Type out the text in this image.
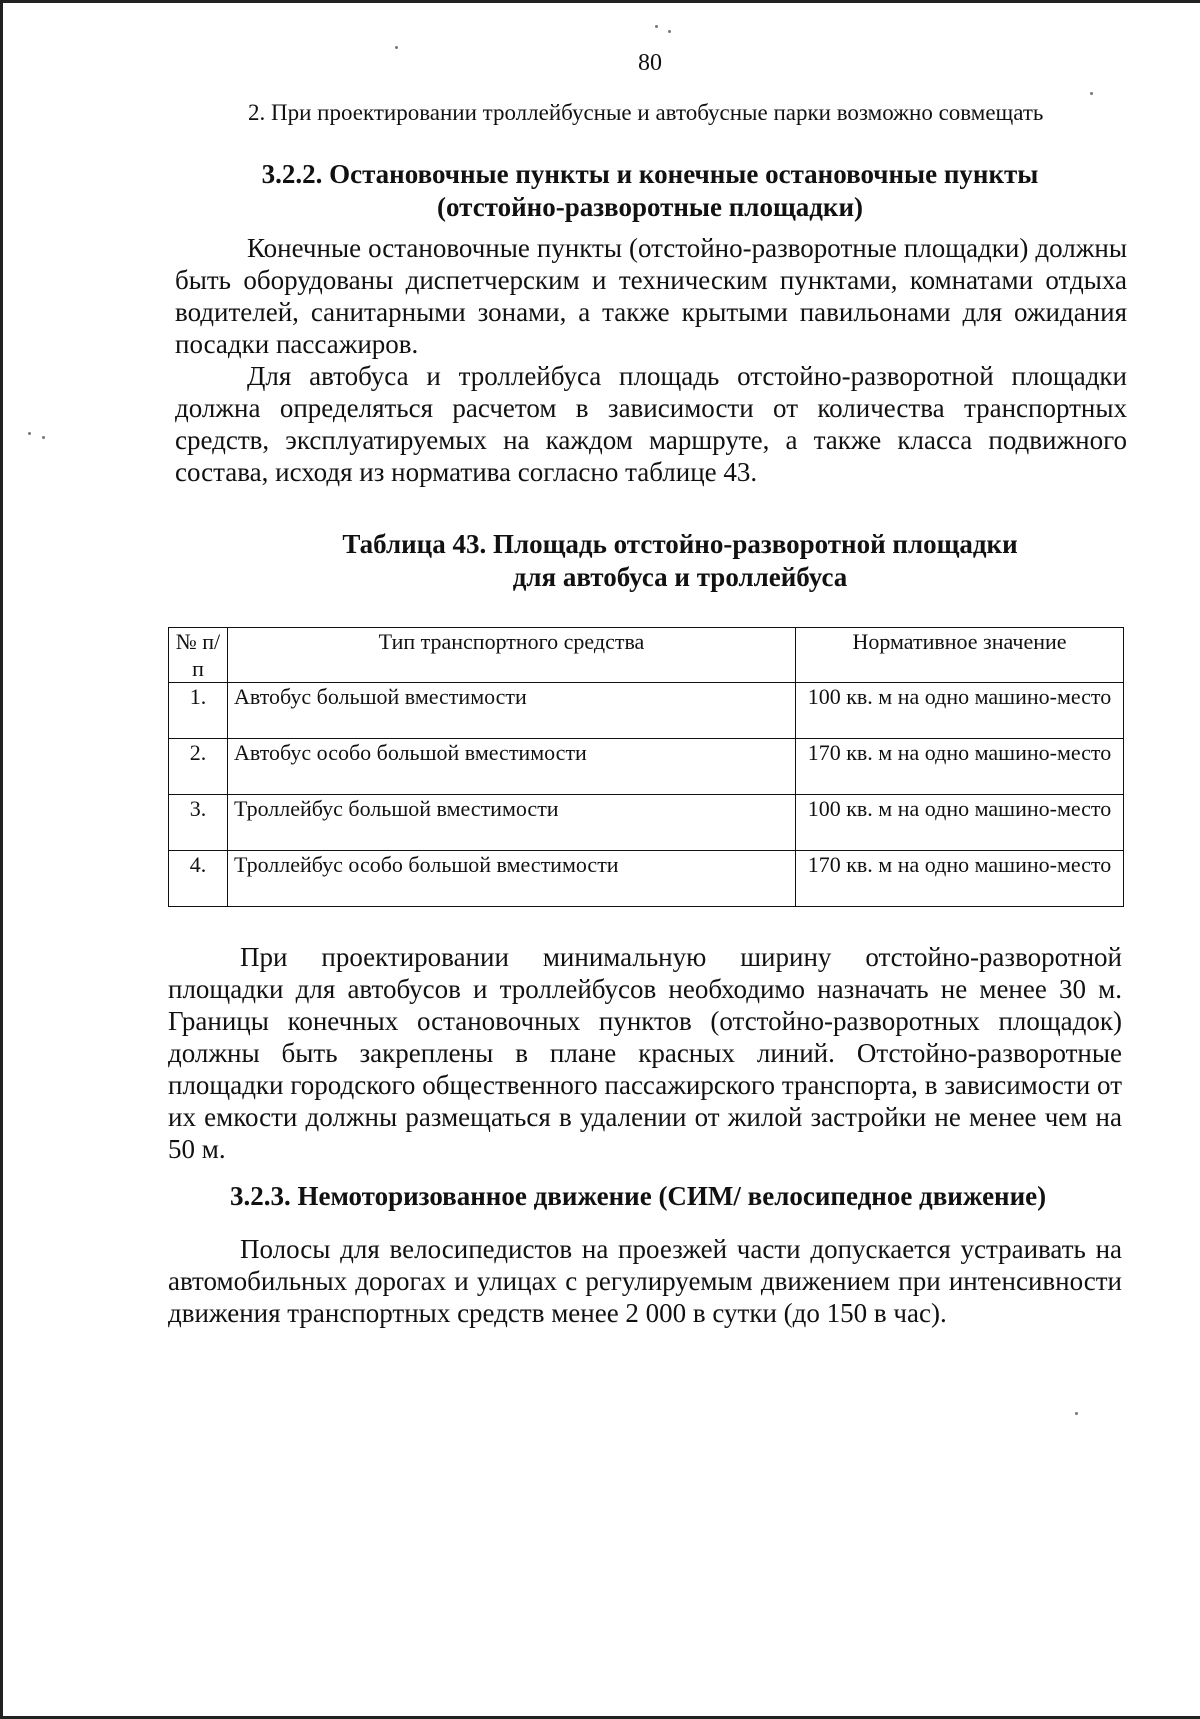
80
2. При проектировании троллейбусные и автобусные парки возможно совмещать
3.2.2. Остановочные пункты и конечные остановочные пункты
(отстойно-разворотные площадки)

Конечные остановочные пункты (отстойно-разворотные площадки) должны быть оборудованы диспетчерским и техническим пунктами, комнатами отдыха водителей, санитарными зонами, а также крытыми павильонами для ожидания посадки пассажиров.

Для автобуса и троллейбуса площадь отстойно-разворотной площадки должна определяться расчетом в зависимости от количества транспортных средств, эксплуатируемых на каждом маршруте, а также класса подвижного состава, исходя из норматива согласно таблице 43.

Таблица 43. Площадь отстойно-разворотной площадки
для автобуса и троллейбуса
№ п/п	Тип транспортного средства	Нормативное значение
1.	Автобус большой вместимости	100 кв. м на одно машино-место
2.	Автобус особо большой вместимости	170 кв. м на одно машино-место
3.	Троллейбус большой вместимости	100 кв. м на одно машино-место
4.	Троллейбус особо большой вместимости	170 кв. м на одно машино-место

При проектировании минимальную ширину отстойно-разворотной площадки для автобусов и троллейбусов необходимо назначать не менее 30 м. Границы конечных остановочных пунктов (отстойно-разворотных площадок) должны быть закреплены в плане красных линий. Отстойно-разворотные площадки городского общественного пассажирского транспорта, в зависимости от их емкости должны размещаться в удалении от жилой застройки не менее чем на 50 м.

3.2.3. Немоторизованное движение (СИМ/ велосипедное движение)

Полосы для велосипедистов на проезжей части допускается устраивать на автомобильных дорогах и улицах с регулируемым движением при интенсивности движения транспортных средств менее 2 000 в сутки (до 150 в час).
